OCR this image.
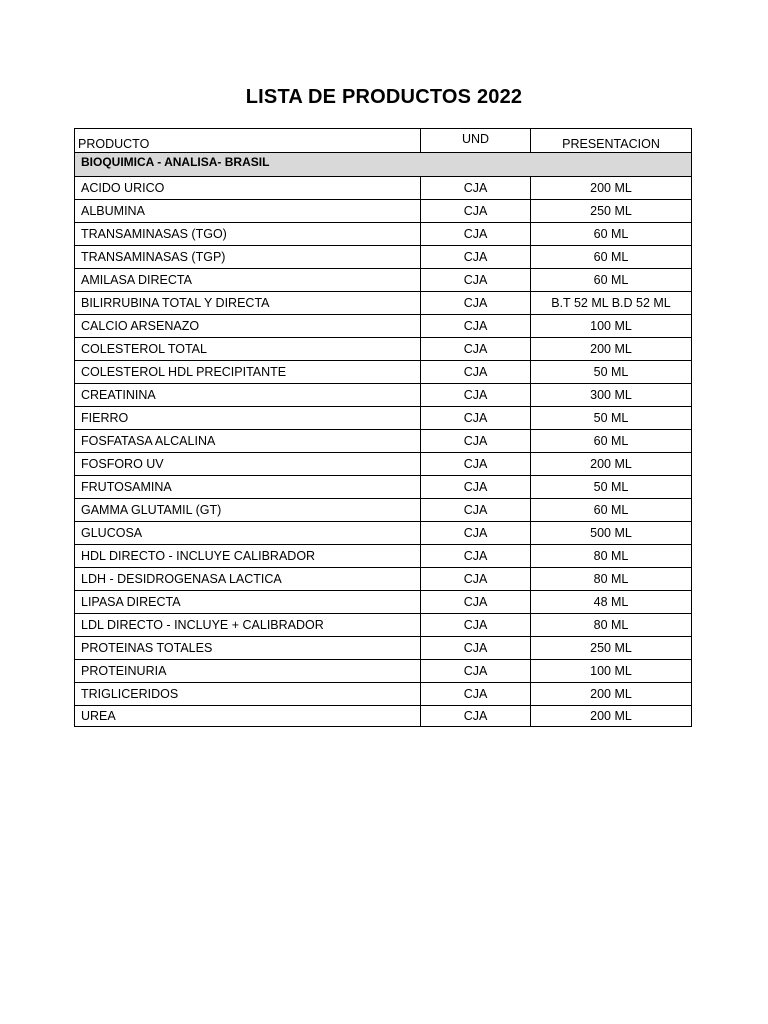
LISTA DE PRODUCTOS 2022
PRODUCTO	UND	PRESENTACION
BIOQUIMICA - ANALISA- BRASIL		
ACIDO URICO	CJA	200 ML
ALBUMINA	CJA	250 ML
TRANSAMINASAS (TGO)	CJA	60 ML
TRANSAMINASAS (TGP)	CJA	60 ML
AMILASA DIRECTA	CJA	60 ML
BILIRRUBINA TOTAL Y DIRECTA	CJA	B.T 52 ML B.D 52 ML
CALCIO ARSENAZO	CJA	100 ML
COLESTEROL TOTAL	CJA	200 ML
COLESTEROL HDL PRECIPITANTE	CJA	50 ML
CREATININA	CJA	300 ML
FIERRO	CJA	50 ML
FOSFATASA ALCALINA	CJA	60 ML
FOSFORO UV	CJA	200 ML
FRUTOSAMINA	CJA	50 ML
GAMMA GLUTAMIL (GT)	CJA	60 ML
GLUCOSA	CJA	500 ML
HDL DIRECTO - INCLUYE CALIBRADOR	CJA	80 ML
LDH - DESIDROGENASA LACTICA	CJA	80 ML
LIPASA DIRECTA	CJA	48 ML
LDL DIRECTO - INCLUYE + CALIBRADOR	CJA	80 ML
PROTEINAS TOTALES	CJA	250 ML
PROTEINURIA	CJA	100 ML
TRIGLICERIDOS	CJA	200 ML
UREA	CJA	200 ML
